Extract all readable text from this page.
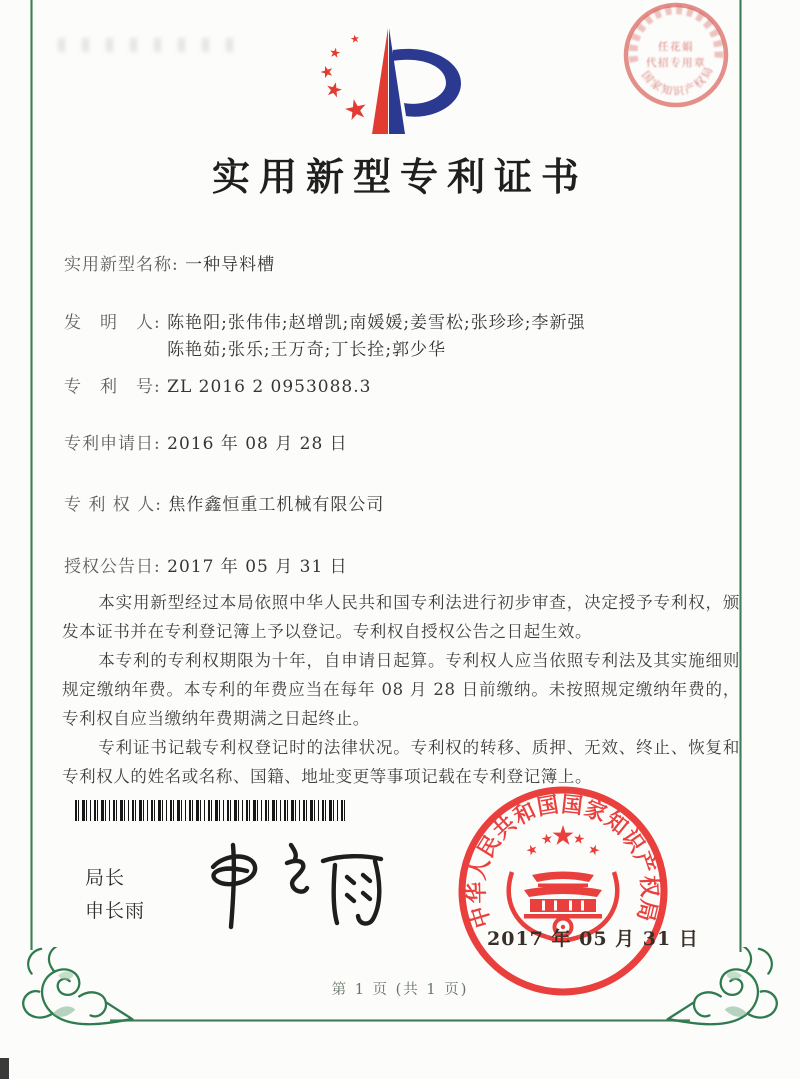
任花娟
代招专用章
国家知识产权局
实用新型专利证书
实用新型名称: 一种导料槽
发　明　人: 陈艳阳;张伟伟;赵增凯;南媛媛;姜雪松;张珍珍;李新强
陈艳茹;张乐;王万奇;丁长拴;郭少华
专　利　号: ZL 2016 2 0953088.3
专利申请日: 2016 年 08 月 28 日
专 利 权 人: 焦作鑫恒重工机械有限公司
授权公告日: 2017 年 05 月 31 日

本实用新型经过本局依照中华人民共和国专利法进行初步审查，决定授予专利权，颁发本证书并在专利登记簿上予以登记。专利权自授权公告之日起生效。

本专利的专利权期限为十年，自申请日起算。专利权人应当依照专利法及其实施细则规定缴纳年费。本专利的年费应当在每年 08 月 28 日前缴纳。未按照规定缴纳年费的，专利权自应当缴纳年费期满之日起终止。

专利证书记载专利权登记时的法律状况。专利权的转移、质押、无效、终止、恢复和专利权人的姓名或名称、国籍、地址变更等事项记载在专利登记簿上。

局长
申长雨	中华人民共和国国家知识产权局
2017 年 05 月 31 日
第 1 页 (共 1 页)
